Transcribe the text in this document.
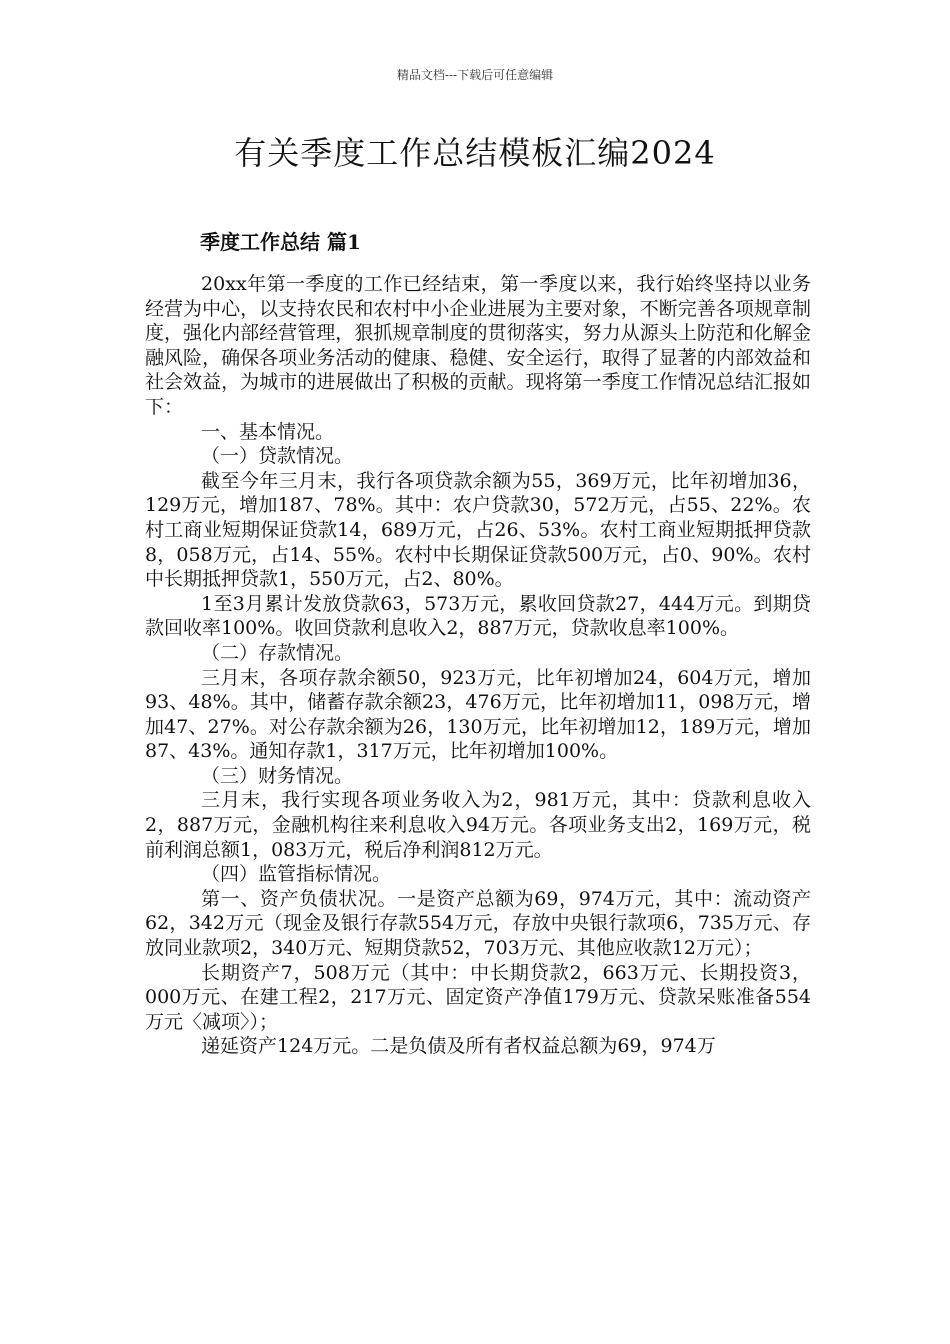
精品文档---下载后可任意编辑
有关季度工作总结模板汇编2024
季度工作总结 篇1

20xx年第一季度的工作已经结束，第一季度以来，我行始终坚持以业务经营为中心，以支持农民和农村中小企业进展为主要对象，不断完善各项规章制度，强化内部经营管理，狠抓规章制度的贯彻落实，努力从源头上防范和化解金融风险，确保各项业务活动的健康、稳健、安全运行，取得了显著的内部效益和社会效益，为城市的进展做出了积极的贡献。现将第一季度工作情况总结汇报如下：

一、基本情况。

（一）贷款情况。

截至今年三月末，我行各项贷款余额为55，369万元，比年初增加36，129万元，增加187、78%。其中：农户贷款30，572万元，占55、22%。农村工商业短期保证贷款14，689万元，占26、53%。农村工商业短期抵押贷款8，058万元，占14、55%。农村中长期保证贷款500万元，占0、90%。农村中长期抵押贷款1，550万元，占2、80%。

1至3月累计发放贷款63，573万元，累收回贷款27，444万元。到期贷款回收率100%。收回贷款利息收入2，887万元，贷款收息率100%。

（二）存款情况。

三月末，各项存款余额50，923万元，比年初增加24，604万元，增加93、48%。其中，储蓄存款余额23，476万元，比年初增加11，098万元，增加47、27%。对公存款余额为26，130万元，比年初增加12，189万元，增加87、43%。通知存款1，317万元，比年初增加100%。

（三）财务情况。

三月末，我行实现各项业务收入为2，981万元，其中：贷款利息收入2，887万元，金融机构往来利息收入94万元。各项业务支出2，169万元，税前利润总额1，083万元，税后净利润812万元。

（四）监管指标情况。

第一、资产负债状况。一是资产总额为69，974万元，其中：流动资产62，342万元（现金及银行存款554万元，存放中央银行款项6，735万元、存放同业款项2，340万元、短期贷款52，703万元、其他应收款12万元）；

长期资产7，508万元（其中：中长期贷款2，663万元、长期投资3，000万元、在建工程2，217万元、固定资产净值179万元、贷款呆账准备554万元〈减项〉）；

递延资产124万元。二是负债及所有者权益总额为69，974万
